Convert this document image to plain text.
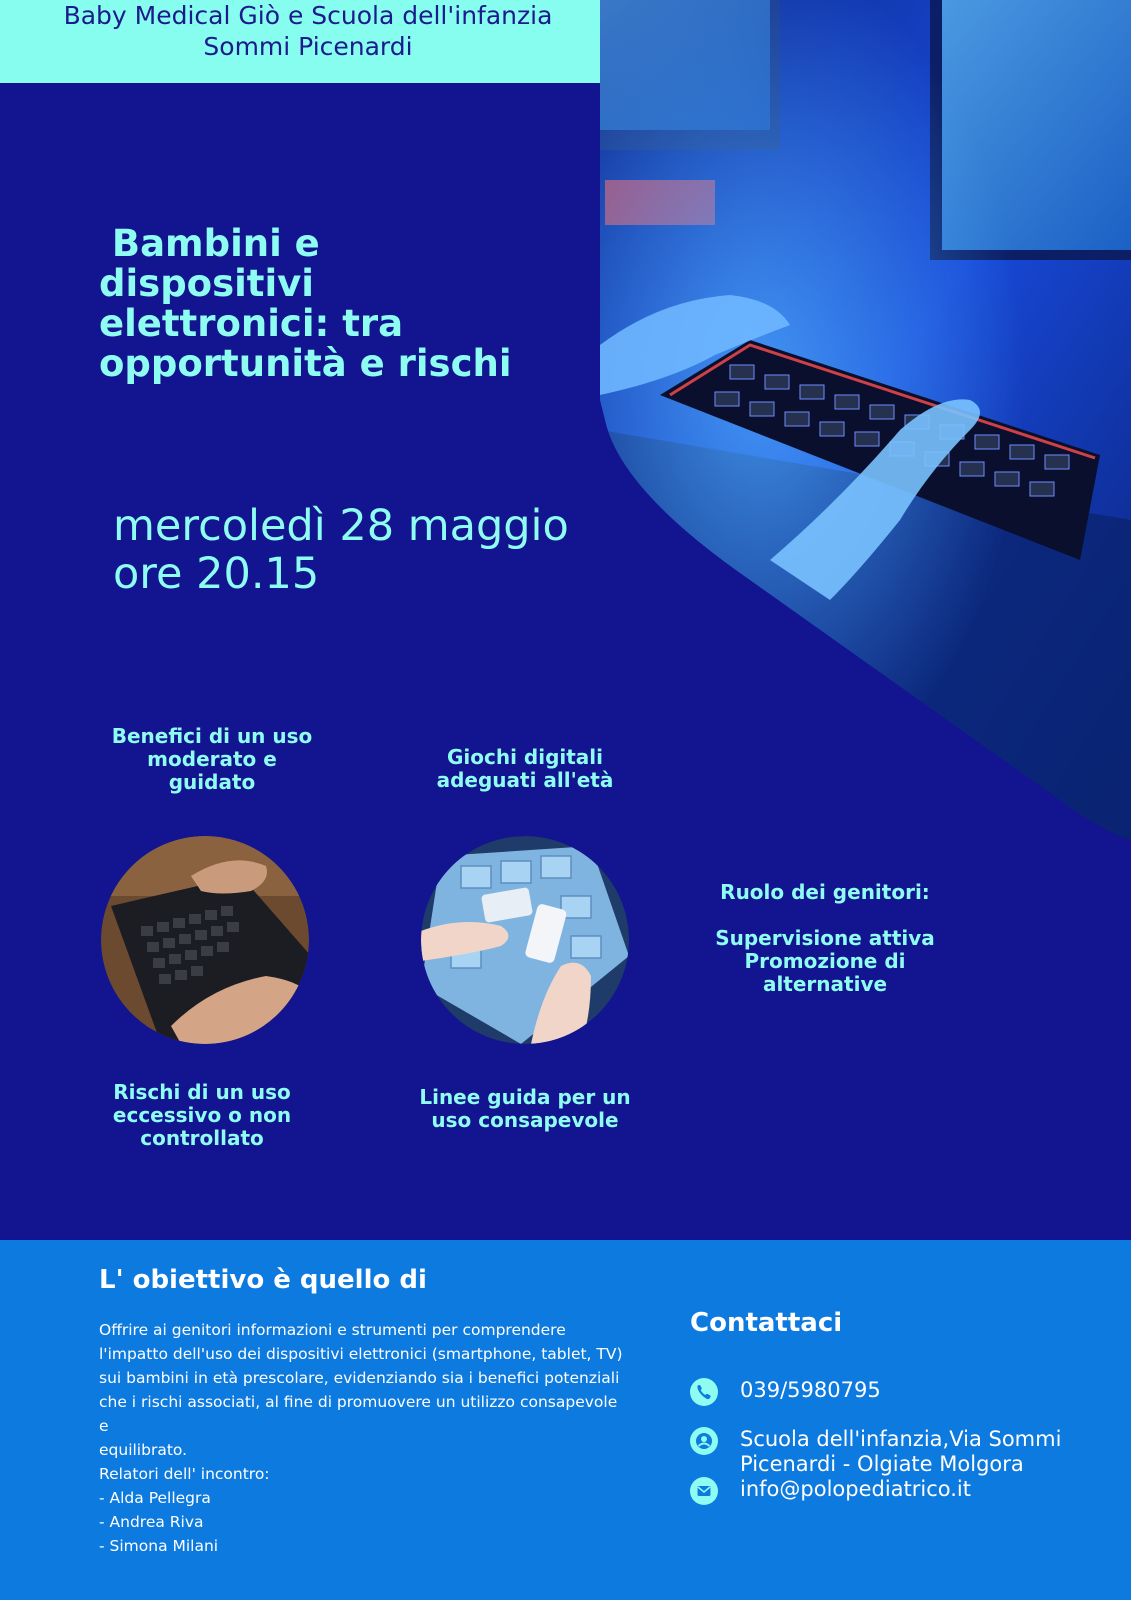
Baby Medical Giò e Scuola dell'infanzia
Sommi Picenardi
Bambini e
dispositivi
elettronici: tra
opportunità e rischi
mercoledì 28 maggio
ore 20.15
Benefici di un uso
moderato e
guidato
Giochi digitali
adeguati all'età
Ruolo dei genitori:
Supervisione attiva
Promozione di
alternative
Rischi di un uso
eccessivo o non
controllato
Linee guida per un
uso consapevole
L' obiettivo è quello di

Offrire ai genitori informazioni e strumenti per comprendere

l'impatto dell'uso dei dispositivi elettronici (smartphone, tablet, TV)

sui bambini in età prescolare, evidenziando sia i benefici potenziali

che i rischi associati, al fine di promuovere un utilizzo consapevole e

equilibrato.

Relatori dell' incontro:

- Alda Pellegra

- Andrea Riva

- Simona Milani

Contattaci
039/5980795
Scuola dell'infanzia,Via Sommi
Picenardi - Olgiate Molgora
info@polopediatrico.it
